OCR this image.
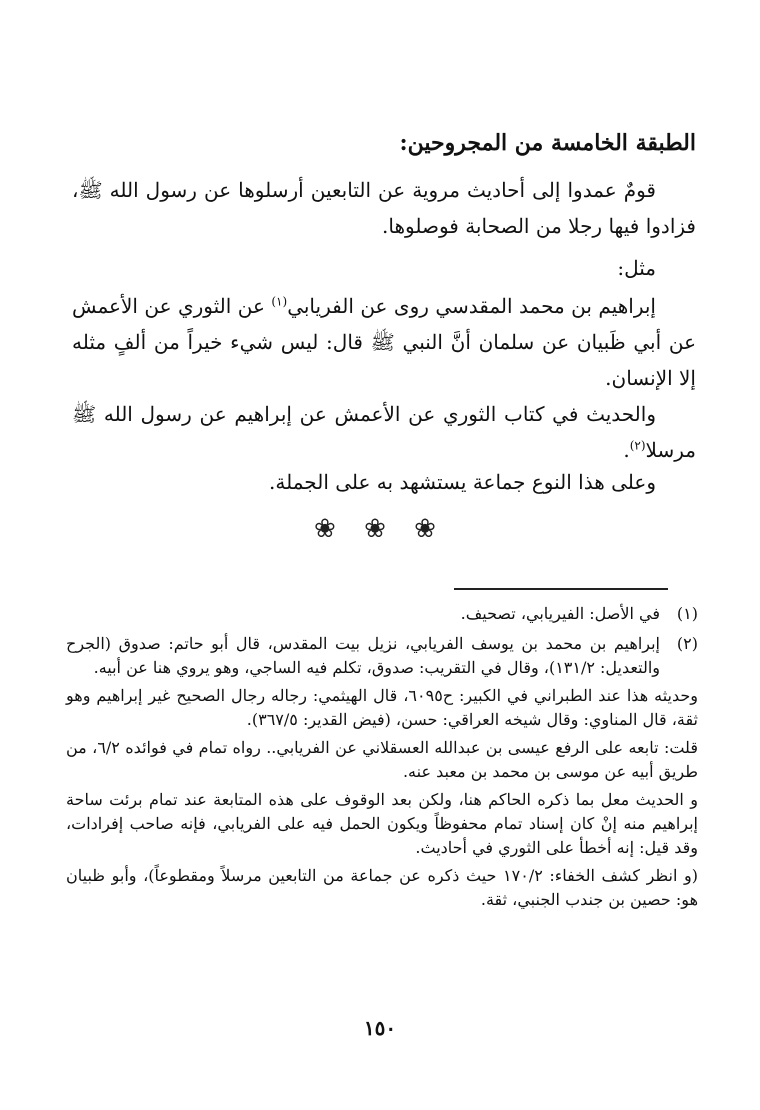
الطبقة الخامسة من المجروحين:
قومٌ عمدوا إلى أحاديث مروية عن التابعين أرسلوها عن رسول الله ﷺ، فزادوا فيها رجلا من الصحابة فوصلوها.
مثل:
إبراهيم بن محمد المقدسي روى عن الفريابي$^{(١)}$ عن الثوري عن الأعمش عن أبي ظَبيان عن سلمان أنَّ النبي ﷺ قال: ليس شيء خيراً من ألفٍ مثله إلا الإنسان.
والحديث في كتاب الثوري عن الأعمش عن إبراهيم عن رسول الله ﷺ مرسلا$^{(٢)}$.
وعلى هذا النوع جماعة يستشهد به على الجملة.
❀ ❀ ❀
(١)
في الأصل: الفيريابي، تصحيف.
(٢)
إبراهيم بن محمد بن يوسف الفريابي، نزيل بيت المقدس، قال أبو حاتم: صدوق (الجرح والتعديل: ١٣١/٢)، وقال في التقريب: صدوق، تكلم فيه الساجي، وهو يروي هنا عن أبيه.
وحديثه هذا عند الطبراني في الكبير: ح٦٠٩٥، قال الهيثمي: رجاله رجال الصحيح غير إبراهيم وهو ثقة، قال المناوي: وقال شيخه العراقي: حسن، (فيض القدير: ٣٦٧/٥).
قلت: تابعه على الرفع عيسى بن عبدالله العسقلاني عن الفريابي.. رواه تمام في فوائده ٦/٢، من طريق أبيه عن موسى بن محمد بن معبد عنه.
و الحديث معل بما ذكره الحاكم هنا، ولكن بعد الوقوف على هذه المتابعة عند تمام برئت ساحة إبراهيم منه إنْ كان إسناد تمام محفوظاً ويكون الحمل فيه على الفريابي، فإنه صاحب إفرادات، وقد قيل: إنه أخطأ على الثوري في أحاديث.
(و انظر كشف الخفاء: ١٧٠/٢ حيث ذكره عن جماعة من التابعين مرسلاً ومقطوعاً)، وأبو ظبيان هو: حصين بن جندب الجنبي، ثقة.
١٥٠
